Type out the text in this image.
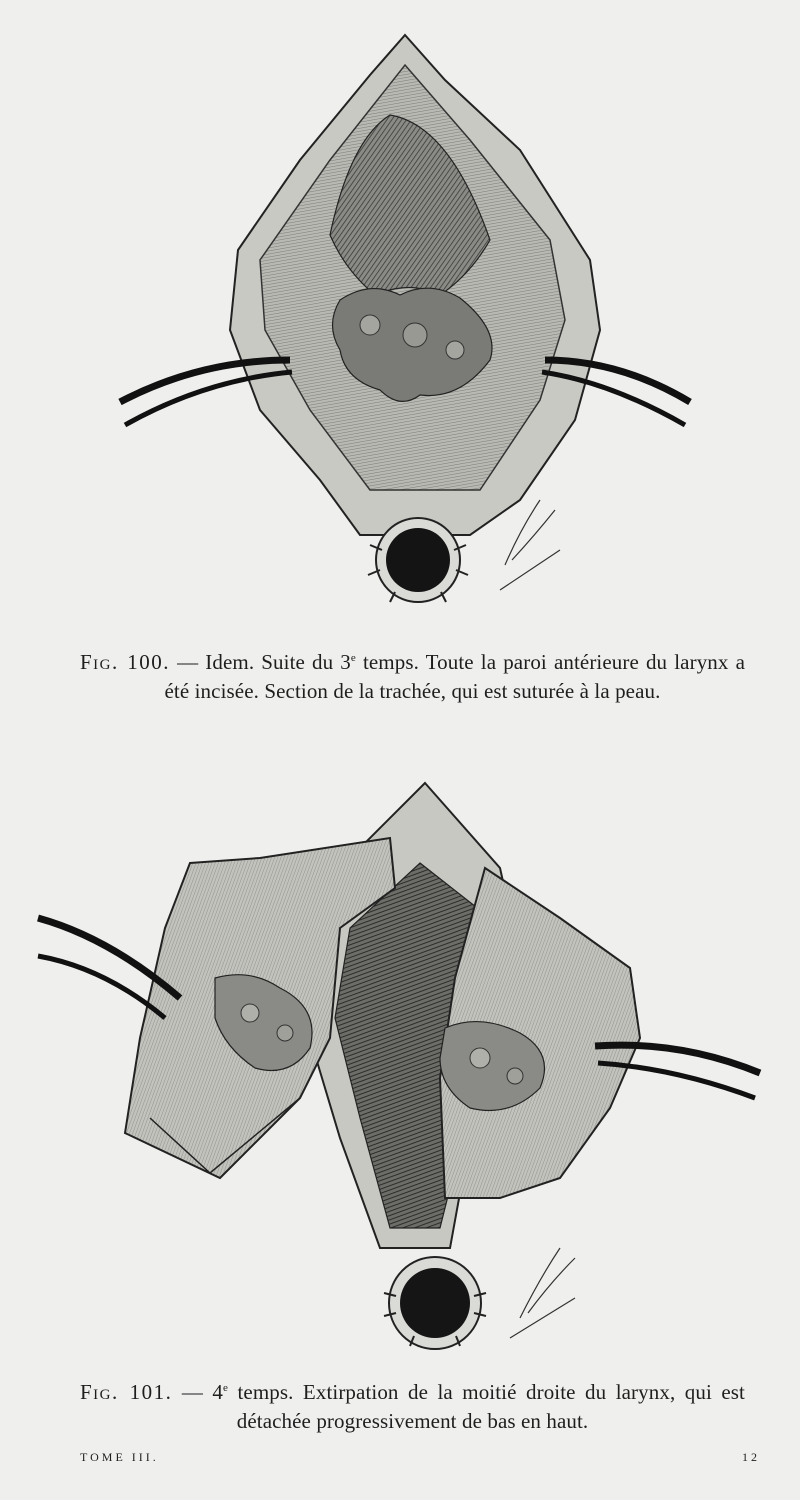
Fig. 100. — Idem. Suite du 3e temps. Toute la paroi antérieure du larynx a été incisée. Section de la trachée, qui est suturée à la peau.
Fig. 101. — 4e temps. Extirpation de la moitié droite du larynx, qui est détachée progressivement de bas en haut.
TOME III.	12
